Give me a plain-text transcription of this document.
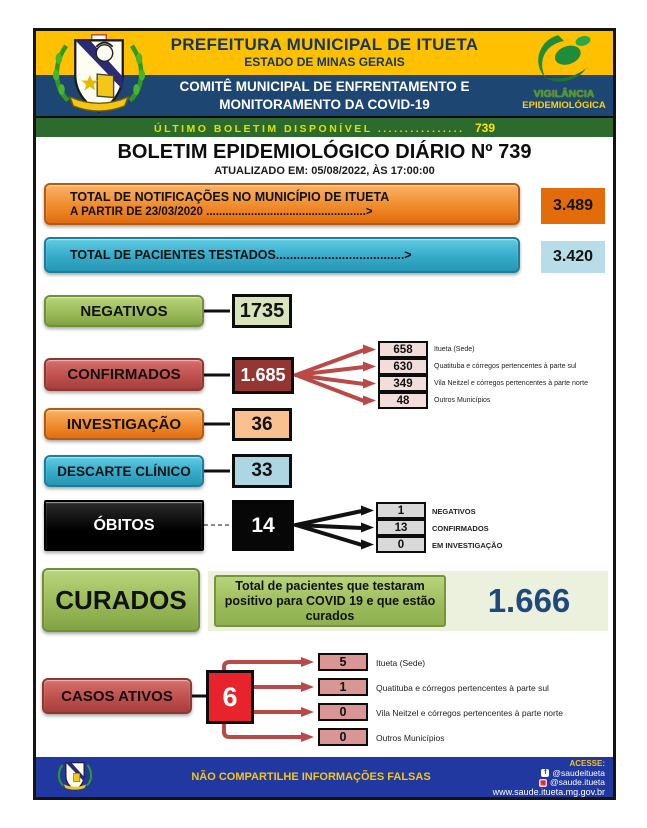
PREFEITURA MUNICIPAL DE ITUETA
ESTADO DE MINAS GERAIS
COMITÊ MUNICIPAL DE ENFRENTAMENTO E
MONITORAMENTO DA COVID-19
ÚLTIMO BOLETIM DISPONÍVEL ................ 739
VIGILÂNCIA
EPIDEMIOLÓGICA
BOLETIM EPIDEMIOLÓGICO DIÁRIO Nº 739
ATUALIZADO EM: 05/08/2022, ÀS 17:00:00
TOTAL DE NOTIFICAÇÕES NO MUNICÍPIO DE ITUETA
A PARTIR DE 23/03/2020 ..................................................>	3.489
TOTAL DE PACIENTES TESTADOS.....................................>	3.420
NEGATIVOS	1735
CONFIRMADOS	1.685
658	Itueta (Sede)
630	Quatituba e córregos pertencentes à parte sul
349	Vila Neitzel e córregos pertencentes à parte norte
48	Outros Municípios
INVESTIGAÇÃO	36
DESCARTE CLÍNICO	33
ÓBITOS	14
1	NEGATIVOS
13	CONFIRMADOS
0	EM INVESTIGAÇÃO
CURADOS	Total de pacientes que testaram positivo para COVID 19 e que estão curados	1.666
CASOS ATIVOS	6
5	Itueta (Sede)
1	Quatituba e córregos pertencentes à parte sul
0	Vila Neitzel e córregos pertencentes à parte norte
0	Outros Municípios
NÃO COMPARTILHE INFORMAÇÕES FALSAS
ACESSE:
f@saudeitueta
@saude.itueta
www.saude.itueta.mg.gov.br
